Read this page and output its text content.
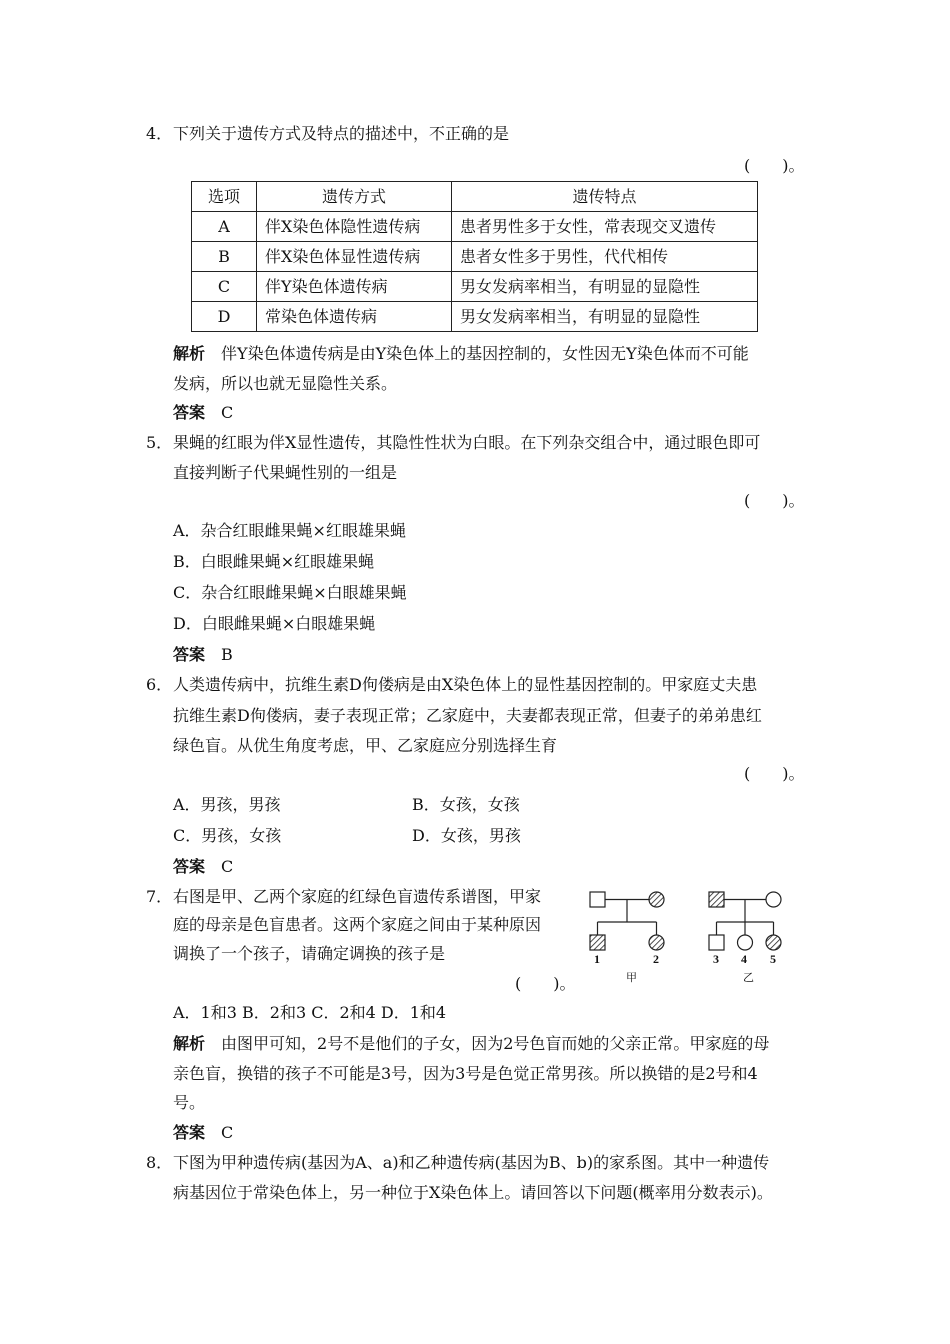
4． 下列关于遗传方式及特点的描述中，不正确的是
(　　)。
选项	遗传方式	遗传特点
A	伴X染色体隐性遗传病	患者男性多于女性，常表现交叉遗传
B	伴X染色体显性遗传病	患者女性多于男性，代代相传
C	伴Y染色体遗传病	男女发病率相当，有明显的显隐性
D	常染色体遗传病	男女发病率相当，有明显的显隐性
解析 伴Y染色体遗传病是由Y染色体上的基因控制的，女性因无Y染色体而不可能
发病，所以也就无显隐性关系。
答案 C
5． 果蝇的红眼为伴X显性遗传，其隐性性状为白眼。在下列杂交组合中，通过眼色即可
直接判断子代果蝇性别的一组是
(　　)。
A．杂合红眼雌果蝇×红眼雄果蝇
B．白眼雌果蝇×红眼雄果蝇
C．杂合红眼雌果蝇×白眼雄果蝇
D．白眼雌果蝇×白眼雄果蝇
答案 B
6． 人类遗传病中，抗维生素D佝偻病是由X染色体上的显性基因控制的。甲家庭丈夫患
抗维生素D佝偻病，妻子表现正常；乙家庭中，夫妻都表现正常，但妻子的弟弟患红
绿色盲。从优生角度考虑，甲、乙家庭应分别选择生育
(　　)。
A．男孩，男孩	B．女孩，女孩
C．男孩，女孩	D．女孩，男孩
答案 C
7． 右图是甲、乙两个家庭的红绿色盲遗传系谱图，甲家
庭的母亲是色盲患者。这两个家庭之间由于某种原因
调换了一个孩子，请确定调换的孩子是
(　　)。
1	2	3 4 5
甲	乙
A．1和3 B．2和3 C．2和4 D．1和4
解析 由图甲可知，2号不是他们的子女，因为2号色盲而她的父亲正常。甲家庭的母
亲色盲，换错的孩子不可能是3号，因为3号是色觉正常男孩。所以换错的是2号和4
号。
答案 C
8． 下图为甲种遗传病(基因为A、a)和乙种遗传病(基因为B、b)的家系图。其中一种遗传
病基因位于常染色体上，另一种位于X染色体上。请回答以下问题(概率用分数表示)。
